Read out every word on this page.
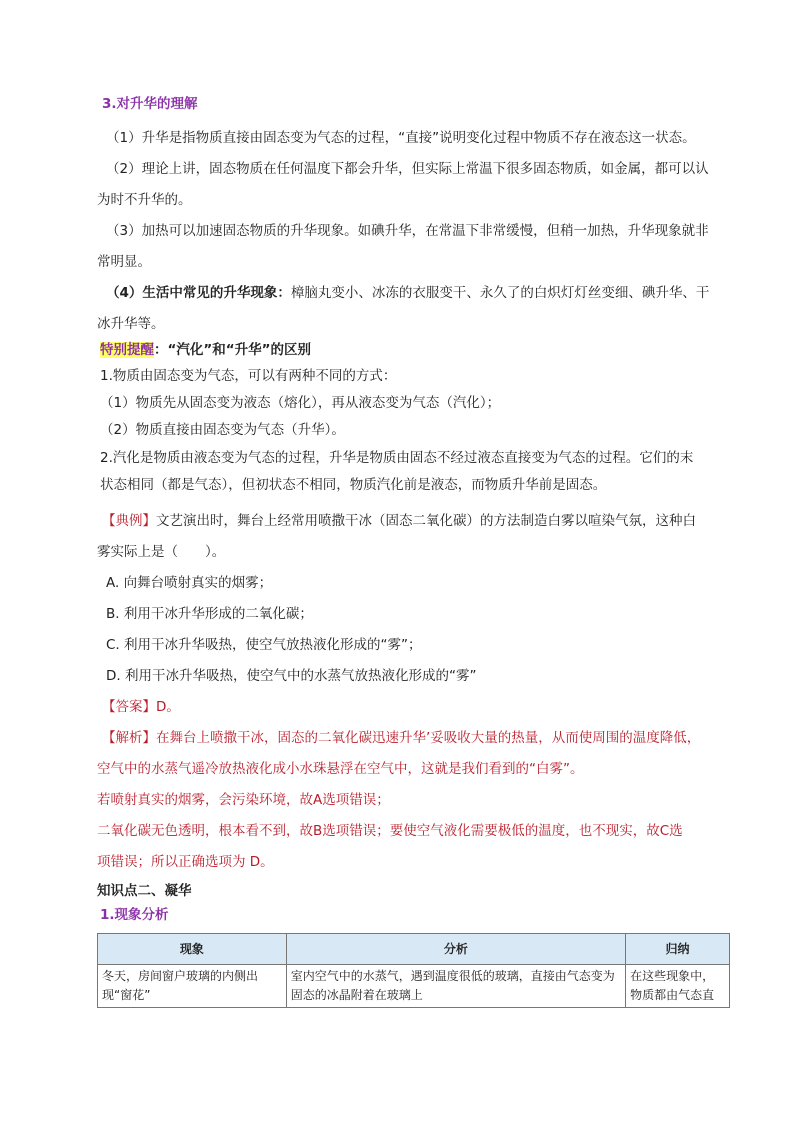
3.对升华的理解
（1）升华是指物质直接由固态变为气态的过程，“直接”说明变化过程中物质不存在液态这一状态。
（2）理论上讲，固态物质在任何温度下都会升华，但实际上常温下很多固态物质，如金属，都可以认
为时不升华的。
（3）加热可以加速固态物质的升华现象。如碘升华，在常温下非常缓慢，但稍一加热，升华现象就非
常明显。
（4）生活中常见的升华现象：樟脑丸变小、冰冻的衣服变干、永久了的白炽灯灯丝变细、碘升华、干
冰升华等。
特别提醒：“汽化”和“升华”的区别
1.物质由固态变为气态，可以有两种不同的方式：
（1）物质先从固态变为液态（熔化），再从液态变为气态（汽化）；
（2）物质直接由固态变为气态（升华）。
2.汽化是物质由液态变为气态的过程，升华是物质由固态不经过液态直接变为气态的过程。它们的末
状态相同（都是气态），但初状态不相同，物质汽化前是液态，而物质升华前是固态。
【典例】文艺演出时，舞台上经常用喷撒干冰（固态二氧化碳）的方法制造白雾以喧染气氛，这种白
雾实际上是（　　）。
A. 向舞台喷射真实的烟雾；
B. 利用干冰升华形成的二氧化碳；
C. 利用干冰升华吸热，使空气放热液化形成的“雾”；
D. 利用干冰升华吸热，使空气中的水蒸气放热液化形成的“雾”
【答案】D。
【解析】在舞台上喷撒干冰，固态的二氧化碳迅速升华’妥吸收大量的热量，从而使周围的温度降低，
空气中的水蒸气遥冷放热液化成小水珠悬浮在空气中，这就是我们看到的“白雾”。
若喷射真实的烟雾，会污染环境，故A选项错误；
二氧化碳无色透明，根本看不到，故B选项错误；要使空气液化需要极低的温度，也不现实，故C选
项错误；所以正确选项为 D。
知识点二、凝华
1.现象分析
现象	分析	归纳
冬天，房间窗户玻璃的内侧出现“窗花”	室内空气中的水蒸气，遇到温度很低的玻璃，直接由气态变为固态的冰晶附着在玻璃上	在这些现象中，物质都由气态直
